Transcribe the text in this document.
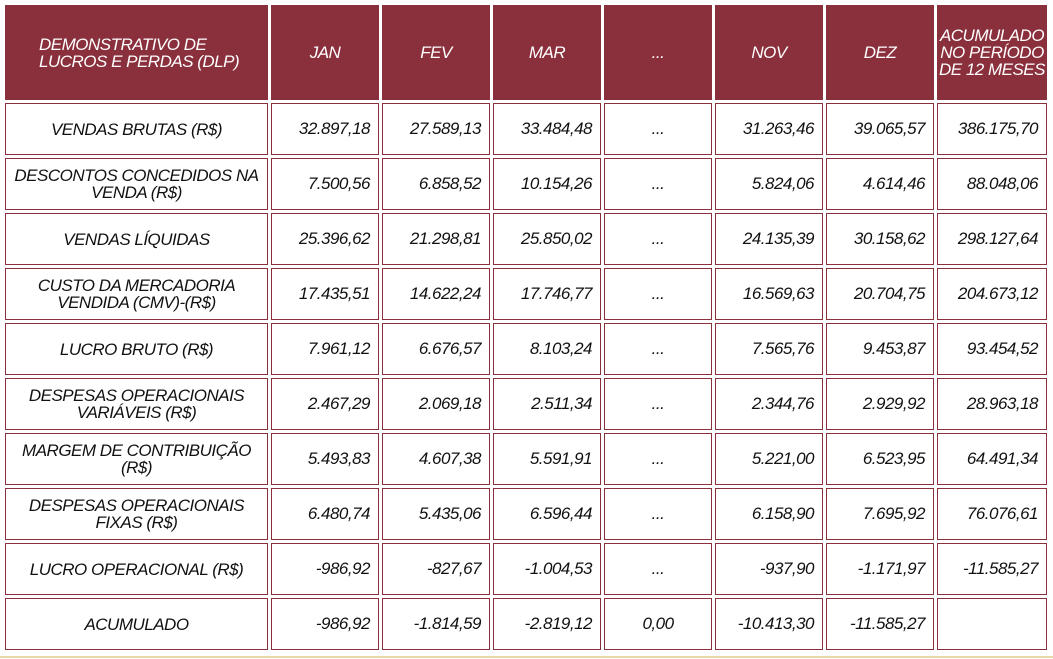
DEMONSTRATIVO DE LUCROS E PERDAS (DLP)	JAN	FEV	MAR	...	NOV	DEZ	ACUMULADO NO PERÍODO DE 12 MESES
VENDAS BRUTAS (R$)	32.897,18	27.589,13	33.484,48	...	31.263,46	39.065,57	386.175,70
DESCONTOS CONCEDIDOS NA VENDA (R$)	7.500,56	6.858,52	10.154,26	...	5.824,06	4.614,46	88.048,06
VENDAS LÍQUIDAS	25.396,62	21.298,81	25.850,02	...	24.135,39	30.158,62	298.127,64
CUSTO DA MERCADORIA VENDIDA (CMV)-(R$)	17.435,51	14.622,24	17.746,77	...	16.569,63	20.704,75	204.673,12
LUCRO BRUTO (R$)	7.961,12	6.676,57	8.103,24	...	7.565,76	9.453,87	93.454,52
DESPESAS OPERACIONAIS VARIÁVEIS (R$)	2.467,29	2.069,18	2.511,34	...	2.344,76	2.929,92	28.963,18
MARGEM DE CONTRIBUIÇÃO (R$)	5.493,83	4.607,38	5.591,91	...	5.221,00	6.523,95	64.491,34
DESPESAS OPERACIONAIS FIXAS (R$)	6.480,74	5.435,06	6.596,44	...	6.158,90	7.695,92	76.076,61
LUCRO OPERACIONAL (R$)	-986,92	-827,67	-1.004,53	...	-937,90	-1.171,97	-11.585,27
ACUMULADO	-986,92	-1.814,59	-2.819,12	0,00	-10.413,30	-11.585,27	
